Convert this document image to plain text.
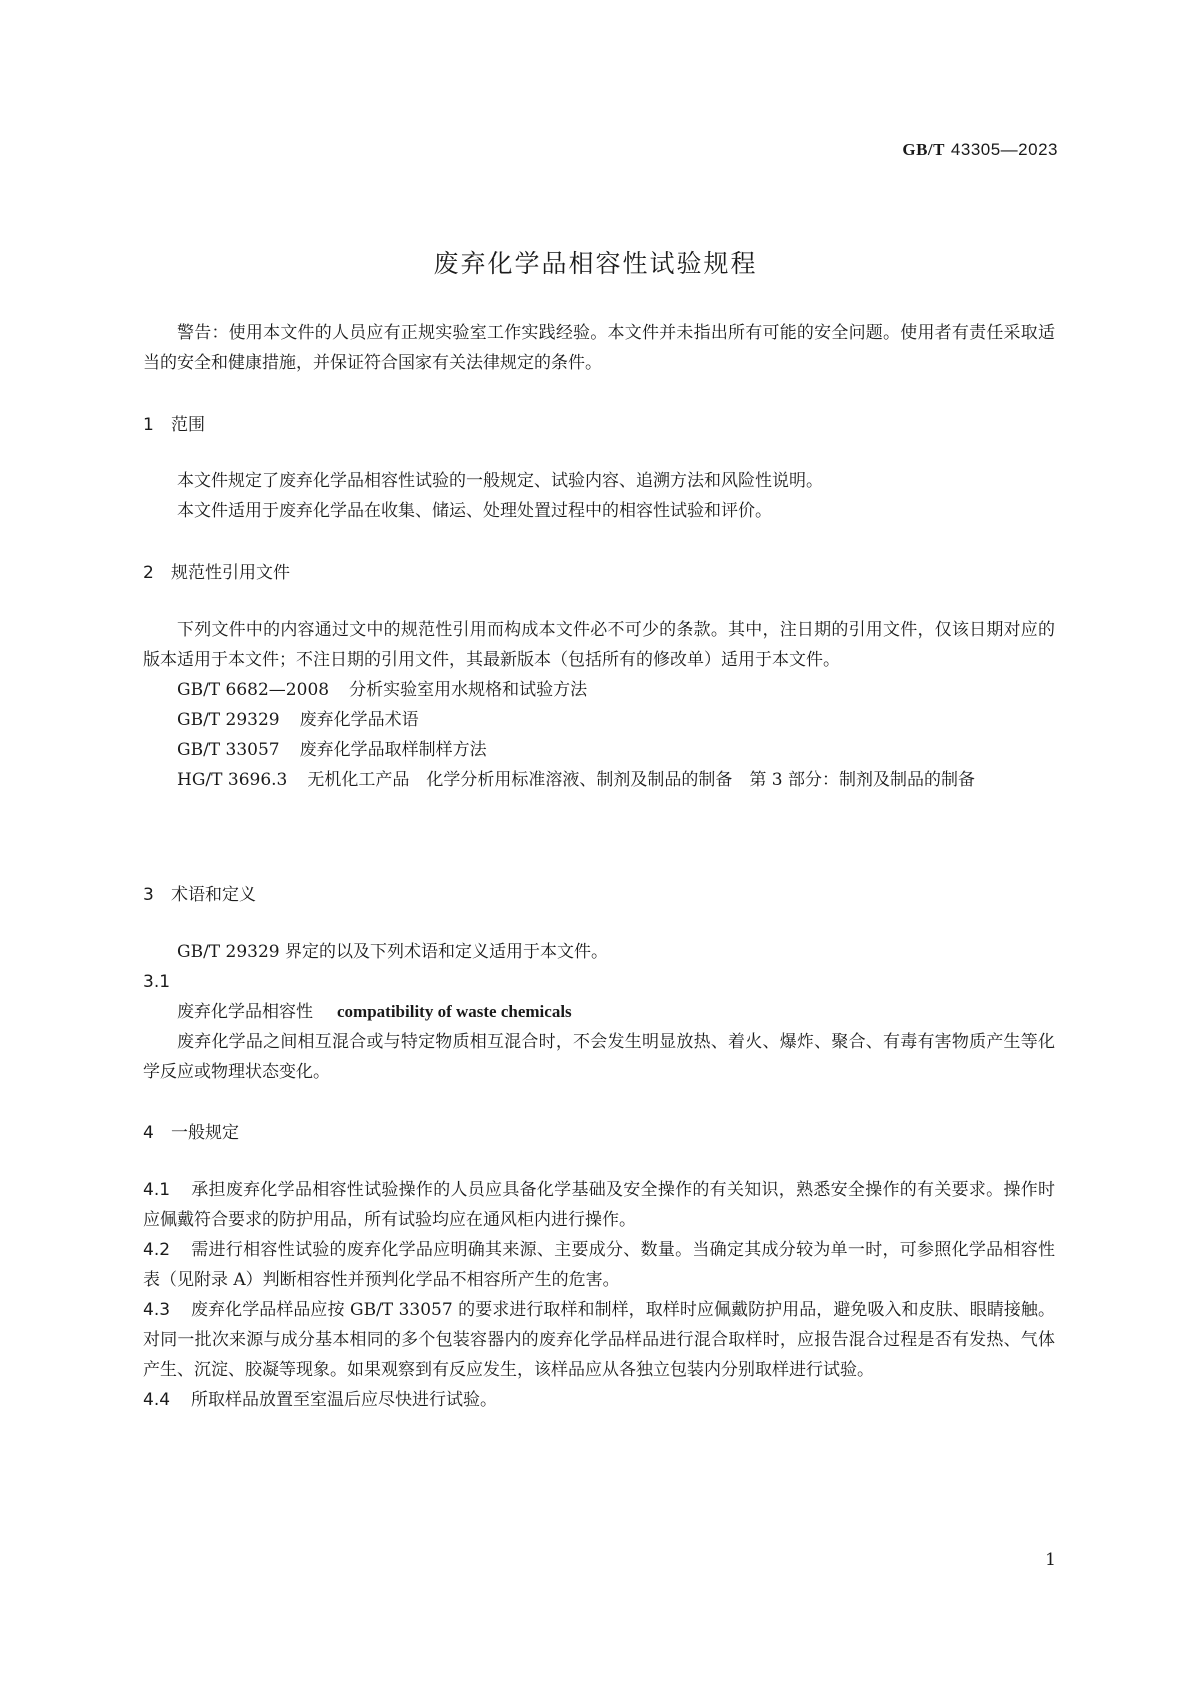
GB/T 43305—2023
废弃化学品相容性试验规程

警告：使用本文件的人员应有正规实验室工作实践经验。本文件并未指出所有可能的安全问题。使用者有责任采取适当的安全和健康措施，并保证符合国家有关法律规定的条件。

1 范围

本文件规定了废弃化学品相容性试验的一般规定、试验内容、追溯方法和风险性说明。

本文件适用于废弃化学品在收集、储运、处理处置过程中的相容性试验和评价。

2 规范性引用文件

下列文件中的内容通过文中的规范性引用而构成本文件必不可少的条款。其中，注日期的引用文件，仅该日期对应的版本适用于本文件；不注日期的引用文件，其最新版本（包括所有的修改单）适用于本文件。

GB/T 6682—2008 分析实验室用水规格和试验方法

GB/T 29329 废弃化学品术语

GB/T 33057 废弃化学品取样制样方法

HG/T 3696.3 无机化工产品　化学分析用标准溶液、制剂及制品的制备　第 3 部分：制剂及制品的制备

3 术语和定义

GB/T 29329 界定的以及下列术语和定义适用于本文件。

3.1

废弃化学品相容性 compatibility of waste chemicals

废弃化学品之间相互混合或与特定物质相互混合时，不会发生明显放热、着火、爆炸、聚合、有毒有害物质产生等化学反应或物理状态变化。

4 一般规定

4.1 承担废弃化学品相容性试验操作的人员应具备化学基础及安全操作的有关知识，熟悉安全操作的有关要求。操作时应佩戴符合要求的防护用品，所有试验均应在通风柜内进行操作。

4.2 需进行相容性试验的废弃化学品应明确其来源、主要成分、数量。当确定其成分较为单一时，可参照化学品相容性表（见附录 A）判断相容性并预判化学品不相容所产生的危害。

4.3 废弃化学品样品应按 GB/T 33057 的要求进行取样和制样，取样时应佩戴防护用品，避免吸入和皮肤、眼睛接触。对同一批次来源与成分基本相同的多个包装容器内的废弃化学品样品进行混合取样时，应报告混合过程是否有发热、气体产生、沉淀、胶凝等现象。如果观察到有反应发生，该样品应从各独立包装内分别取样进行试验。

4.4 所取样品放置至室温后应尽快进行试验。

1
